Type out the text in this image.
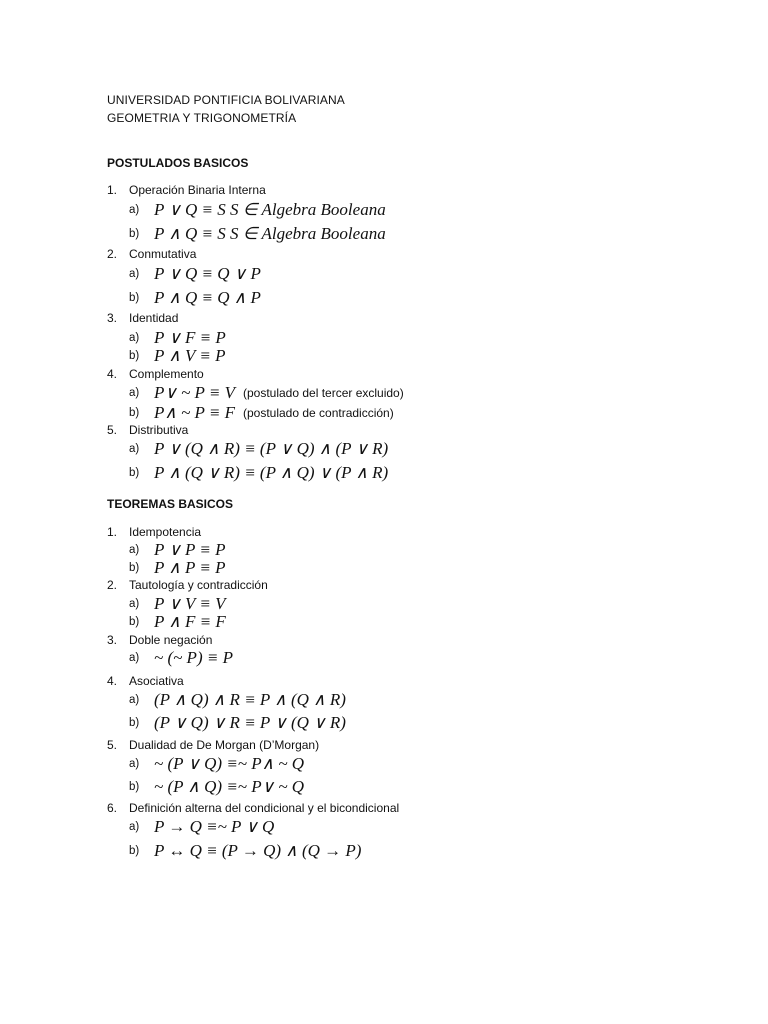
UNIVERSIDAD PONTIFICIA BOLIVARIANA
GEOMETRIA Y TRIGONOMETRÍA
POSTULADOS BASICOS
1. Operación Binaria Interna
a) P ∨ Q ≡ S S ∈ Algebra Booleana
b) P ∧ Q ≡ S S ∈ Algebra Booleana
2. Conmutativa
a) P ∨ Q ≡ Q ∨ P
b) P ∧ Q ≡ Q ∧ P
3. Identidad
a) P ∨ F ≡ P
b) P ∧ V ≡ P
4. Complemento
a) P∨ ~ P ≡ V (postulado del tercer excluido)
b) P∧ ~ P ≡ F (postulado de contradicción)
5. Distributiva
a) P ∨ (Q ∧ R) ≡ (P ∨ Q) ∧ (P ∨ R)
b) P ∧ (Q ∨ R) ≡ (P ∧ Q) ∨ (P ∧ R)
TEOREMAS BASICOS
1. Idempotencia
a) P ∨ P ≡ P
b) P ∧ P ≡ P
2. Tautología y contradicción
a) P ∨ V ≡ V
b) P ∧ F ≡ F
3. Doble negación
a) ~ (~ P) ≡ P
4. Asociativa
a) (P ∧ Q) ∧ R ≡ P ∧ (Q ∧ R)
b) (P ∨ Q) ∨ R ≡ P ∨ (Q ∨ R)
5. Dualidad de De Morgan (D’Morgan)
a) ~ (P ∨ Q) ≡~ P∧ ~ Q
b) ~ (P ∧ Q) ≡~ P∨ ~ Q
6. Definición alterna del condicional y el bicondicional
a) P → Q ≡~ P ∨ Q
b) P ↔ Q ≡ (P → Q) ∧ (Q → P)
